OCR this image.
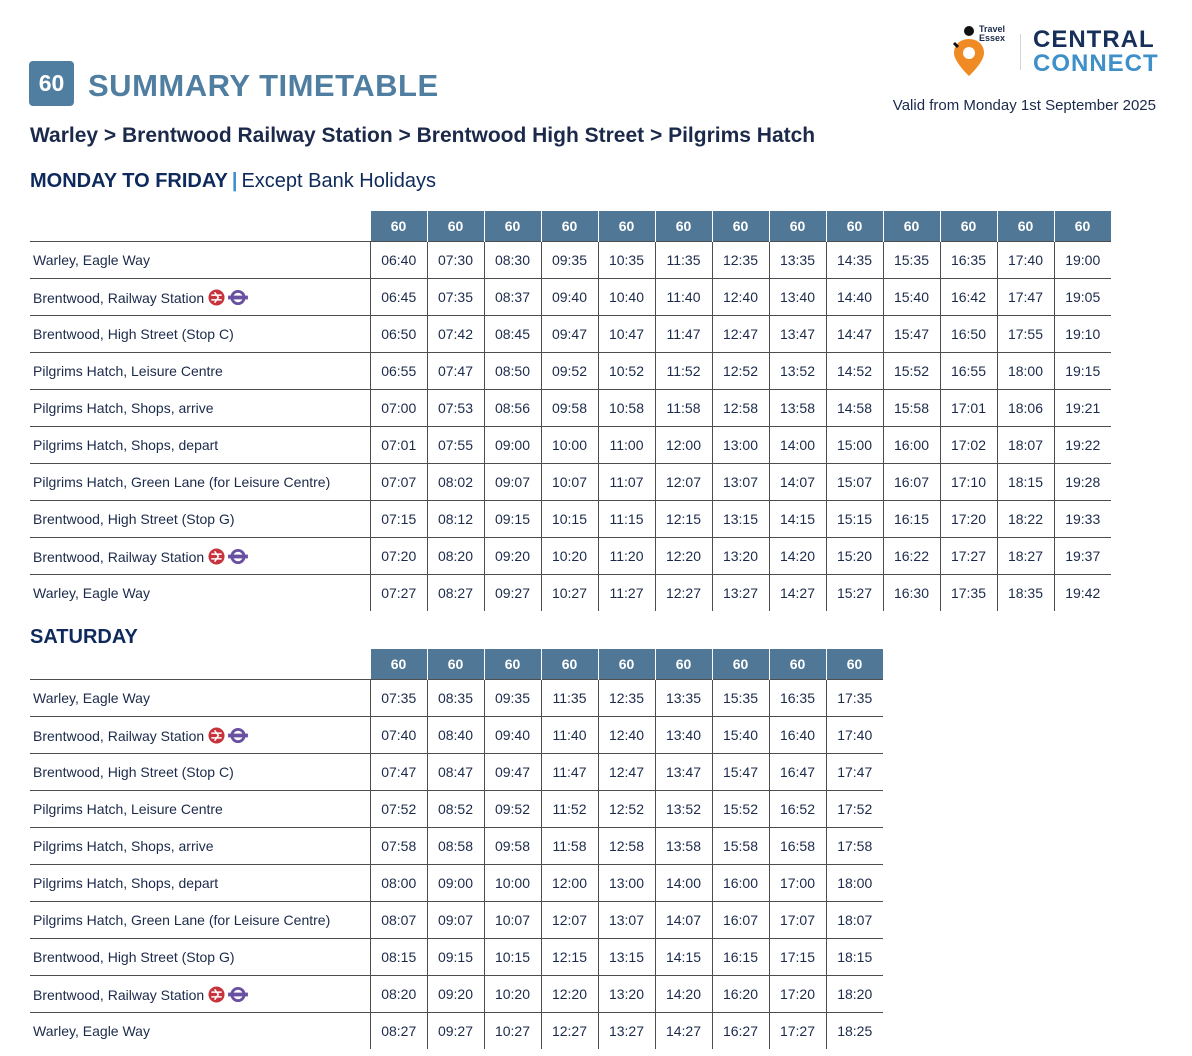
60 SUMMARY TIMETABLE
Travel
Essex CENTRAL
CONNECT
Valid from Monday 1st September 2025
Warley > Brentwood Railway Station > Brentwood High Street > Pilgrims Hatch
MONDAY TO FRIDAY | Except Bank Holidays
	60	60	60	60	60	60	60	60	60	60	60	60	60
Warley, Eagle Way	06:40	07:30	08:30	09:35	10:35	11:35	12:35	13:35	14:35	15:35	16:35	17:40	19:00
Brentwood, Railway Station	06:45	07:35	08:37	09:40	10:40	11:40	12:40	13:40	14:40	15:40	16:42	17:47	19:05
Brentwood, High Street (Stop C)	06:50	07:42	08:45	09:47	10:47	11:47	12:47	13:47	14:47	15:47	16:50	17:55	19:10
Pilgrims Hatch, Leisure Centre	06:55	07:47	08:50	09:52	10:52	11:52	12:52	13:52	14:52	15:52	16:55	18:00	19:15
Pilgrims Hatch, Shops, arrive	07:00	07:53	08:56	09:58	10:58	11:58	12:58	13:58	14:58	15:58	17:01	18:06	19:21
Pilgrims Hatch, Shops, depart	07:01	07:55	09:00	10:00	11:00	12:00	13:00	14:00	15:00	16:00	17:02	18:07	19:22
Pilgrims Hatch, Green Lane (for Leisure Centre)	07:07	08:02	09:07	10:07	11:07	12:07	13:07	14:07	15:07	16:07	17:10	18:15	19:28
Brentwood, High Street (Stop G)	07:15	08:12	09:15	10:15	11:15	12:15	13:15	14:15	15:15	16:15	17:20	18:22	19:33
Brentwood, Railway Station	07:20	08:20	09:20	10:20	11:20	12:20	13:20	14:20	15:20	16:22	17:27	18:27	19:37
Warley, Eagle Way	07:27	08:27	09:27	10:27	11:27	12:27	13:27	14:27	15:27	16:30	17:35	18:35	19:42
SATURDAY
	60	60	60	60	60	60	60	60	60
Warley, Eagle Way	07:35	08:35	09:35	11:35	12:35	13:35	15:35	16:35	17:35
Brentwood, Railway Station	07:40	08:40	09:40	11:40	12:40	13:40	15:40	16:40	17:40
Brentwood, High Street (Stop C)	07:47	08:47	09:47	11:47	12:47	13:47	15:47	16:47	17:47
Pilgrims Hatch, Leisure Centre	07:52	08:52	09:52	11:52	12:52	13:52	15:52	16:52	17:52
Pilgrims Hatch, Shops, arrive	07:58	08:58	09:58	11:58	12:58	13:58	15:58	16:58	17:58
Pilgrims Hatch, Shops, depart	08:00	09:00	10:00	12:00	13:00	14:00	16:00	17:00	18:00
Pilgrims Hatch, Green Lane (for Leisure Centre)	08:07	09:07	10:07	12:07	13:07	14:07	16:07	17:07	18:07
Brentwood, High Street (Stop G)	08:15	09:15	10:15	12:15	13:15	14:15	16:15	17:15	18:15
Brentwood, Railway Station	08:20	09:20	10:20	12:20	13:20	14:20	16:20	17:20	18:20
Warley, Eagle Way	08:27	09:27	10:27	12:27	13:27	14:27	16:27	17:27	18:25
